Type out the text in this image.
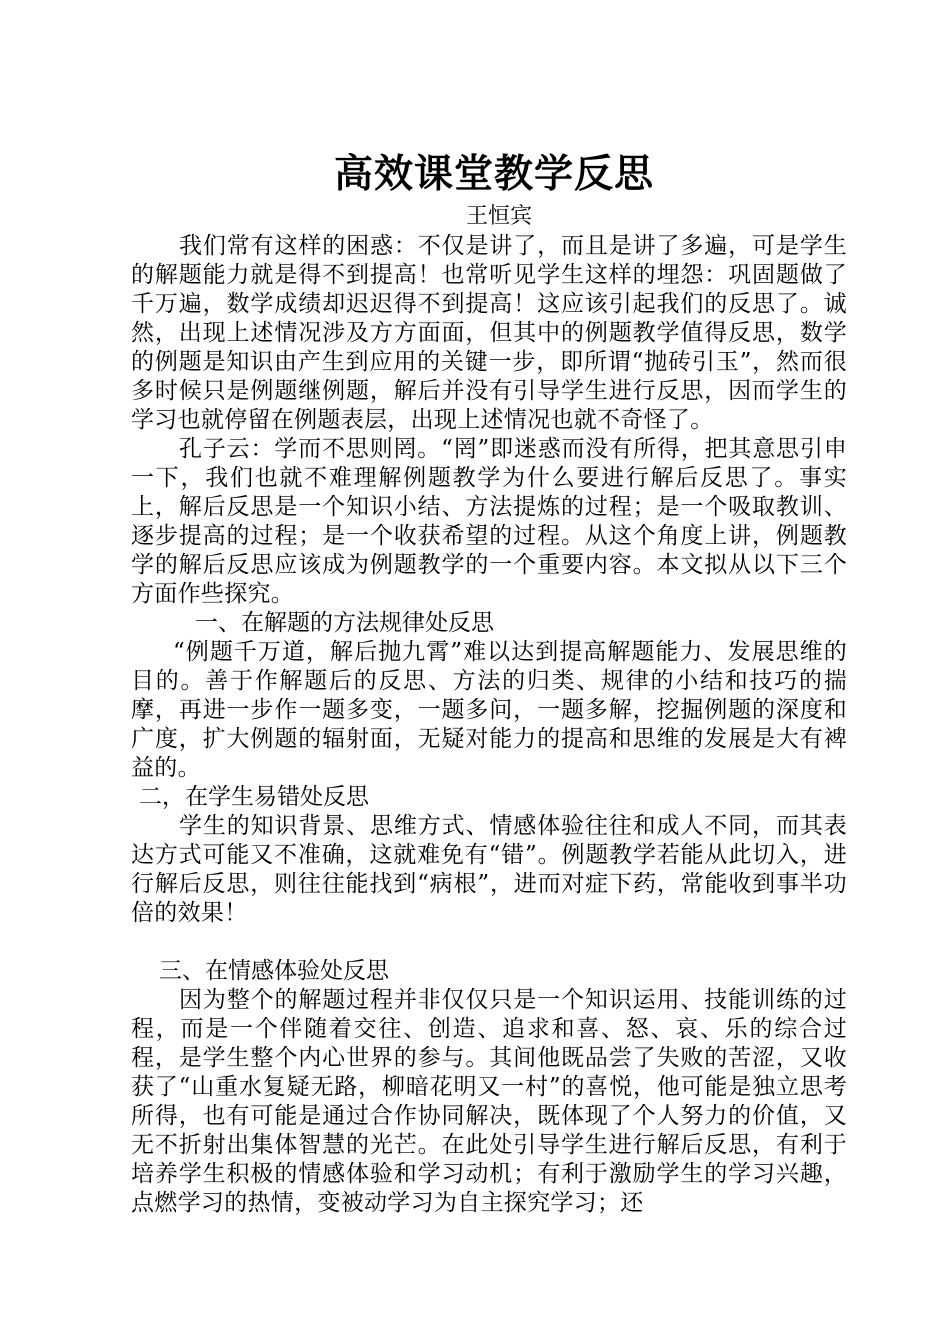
高效课堂教学反思

王恒宾

我们常有这样的困惑：不仅是讲了，而且是讲了多遍，可是学生的解题能力就是得不到提高！也常听见学生这样的埋怨：巩固题做了千万遍，数学成绩却迟迟得不到提高！这应该引起我们的反思了。诚然，出现上述情况涉及方方面面，但其中的例题教学值得反思，数学的例题是知识由产生到应用的关键一步，即所谓“抛砖引玉”，然而很多时候只是例题继例题，解后并没有引导学生进行反思，因而学生的学习也就停留在例题表层，出现上述情况也就不奇怪了。

孔子云：学而不思则罔。“罔”即迷惑而没有所得，把其意思引申一下，我们也就不难理解例题教学为什么要进行解后反思了。事实上，解后反思是一个知识小结、方法提炼的过程；是一个吸取教训、逐步提高的过程；是一个收获希望的过程。从这个角度上讲，例题教学的解后反思应该成为例题教学的一个重要内容。本文拟从以下三个方面作些探究。

一、在解题的方法规律处反思

“例题千万道，解后抛九霄”难以达到提高解题能力、发展思维的目的。善于作解题后的反思、方法的归类、规律的小结和技巧的揣摩，再进一步作一题多变，一题多问，一题多解，挖掘例题的深度和广度，扩大例题的辐射面，无疑对能力的提高和思维的发展是大有裨益的。

二，在学生易错处反思

学生的知识背景、思维方式、情感体验往往和成人不同，而其表达方式可能又不准确，这就难免有“错”。例题教学若能从此切入，进行解后反思，则往往能找到“病根”，进而对症下药，常能收到事半功倍的效果！

三、在情感体验处反思

因为整个的解题过程并非仅仅只是一个知识运用、技能训练的过程，而是一个伴随着交往、创造、追求和喜、怒、哀、乐的综合过程，是学生整个内心世界的参与。其间他既品尝了失败的苦涩，又收获了“山重水复疑无路，柳暗花明又一村”的喜悦，他可能是独立思考所得，也有可能是通过合作协同解决，既体现了个人努力的价值，又无不折射出集体智慧的光芒。在此处引导学生进行解后反思，有利于培养学生积极的情感体验和学习动机；有利于激励学生的学习兴趣，点燃学习的热情，变被动学习为自主探究学习；还
